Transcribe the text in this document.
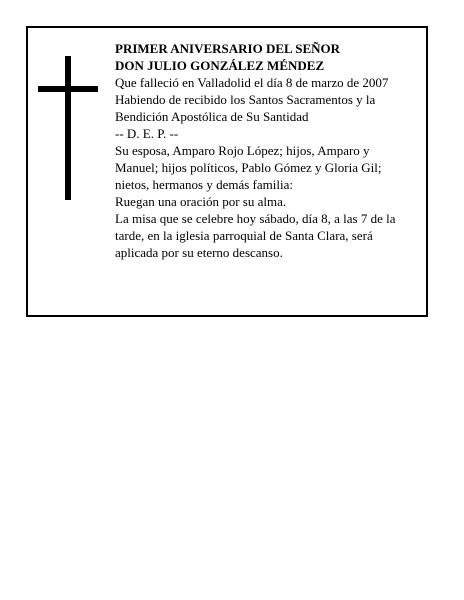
PRIMER ANIVERSARIO DEL SEÑOR
DON JULIO GONZÁLEZ MÉNDEZ
Que falleció en Valladolid el día 8 de marzo de 2007
Habiendo de recibido los Santos Sacramentos y la
Bendición Apostólica de Su Santidad
-- D. E. P. --
Su esposa, Amparo Rojo López; hijos, Amparo y
Manuel; hijos políticos, Pablo Gómez y Gloria Gil;
nietos, hermanos y demás familia:
Ruegan una oración por su alma.
La misa que se celebre hoy sábado, día 8, a las 7 de la
tarde, en la iglesia parroquial de Santa Clara, será
aplicada por su eterno descanso.
